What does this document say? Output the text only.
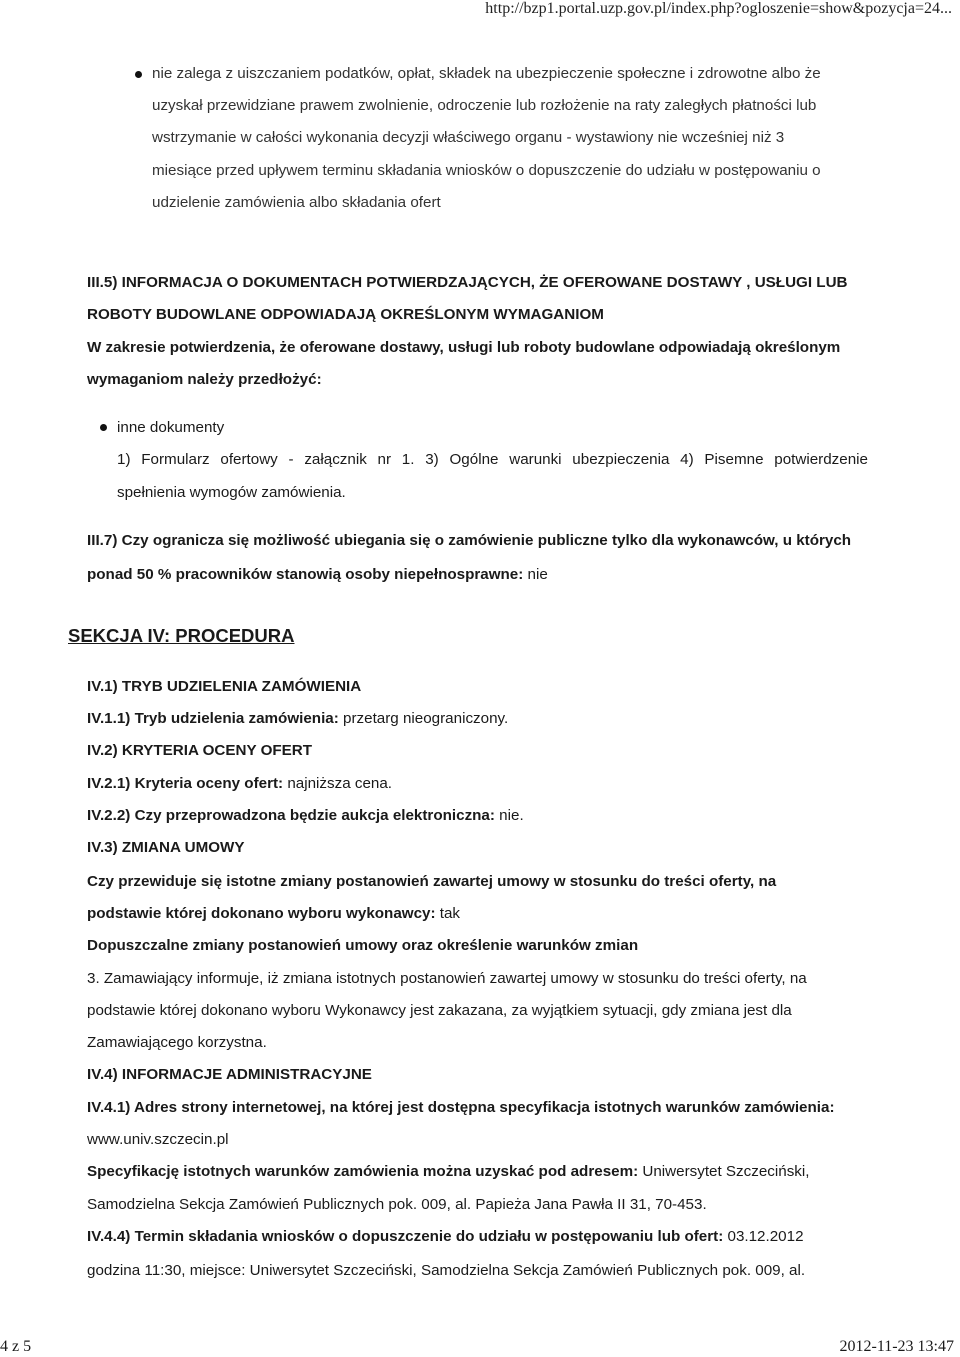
http://bzp1.portal.uzp.gov.pl/index.php?ogloszenie=show&pozycja=24...
nie zalega z uiszczaniem podatków, opłat, składek na ubezpieczenie społeczne i zdrowotne albo że
uzyskał przewidziane prawem zwolnienie, odroczenie lub rozłożenie na raty zaległych płatności lub
wstrzymanie w całości wykonania decyzji właściwego organu - wystawiony nie wcześniej niż 3
miesiące przed upływem terminu składania wniosków o dopuszczenie do udziału w postępowaniu o
udzielenie zamówienia albo składania ofert
III.5) INFORMACJA O DOKUMENTACH POTWIERDZAJĄCYCH, ŻE OFEROWANE DOSTAWY , USŁUGI LUB
ROBOTY BUDOWLANE ODPOWIADAJĄ OKREŚLONYM WYMAGANIOM
W zakresie potwierdzenia, że oferowane dostawy, usługi lub roboty budowlane odpowiadają określonym
wymaganiom należy przedłożyć:
inne dokumenty
1) Formularz ofertowy - załącznik nr 1. 3) Ogólne warunki ubezpieczenia 4) Pisemne potwierdzenie
spełnienia wymogów zamówienia.
III.7) Czy ogranicza się możliwość ubiegania się o zamówienie publiczne tylko dla wykonawców, u których
ponad 50 % pracowników stanowią osoby niepełnosprawne: nie
SEKCJA IV: PROCEDURA
IV.1) TRYB UDZIELENIA ZAMÓWIENIA
IV.1.1) Tryb udzielenia zamówienia: przetarg nieograniczony.
IV.2) KRYTERIA OCENY OFERT
IV.2.1) Kryteria oceny ofert: najniższa cena.
IV.2.2) Czy przeprowadzona będzie aukcja elektroniczna: nie.
IV.3) ZMIANA UMOWY
Czy przewiduje się istotne zmiany postanowień zawartej umowy w stosunku do treści oferty, na
podstawie której dokonano wyboru wykonawcy: tak
Dopuszczalne zmiany postanowień umowy oraz określenie warunków zmian
3. Zamawiający informuje, iż zmiana istotnych postanowień zawartej umowy w stosunku do treści oferty, na
podstawie której dokonano wyboru Wykonawcy jest zakazana, za wyjątkiem sytuacji, gdy zmiana jest dla
Zamawiającego korzystna.
IV.4) INFORMACJE ADMINISTRACYJNE
IV.4.1) Adres strony internetowej, na której jest dostępna specyfikacja istotnych warunków zamówienia:
www.univ.szczecin.pl
Specyfikację istotnych warunków zamówienia można uzyskać pod adresem: Uniwersytet Szczeciński,
Samodzielna Sekcja Zamówień Publicznych pok. 009, al. Papieża Jana Pawła II 31, 70-453.
IV.4.4) Termin składania wniosków o dopuszczenie do udziału w postępowaniu lub ofert: 03.12.2012
godzina 11:30, miejsce: Uniwersytet Szczeciński, Samodzielna Sekcja Zamówień Publicznych pok. 009, al.
4 z 5	2012-11-23 13:47
